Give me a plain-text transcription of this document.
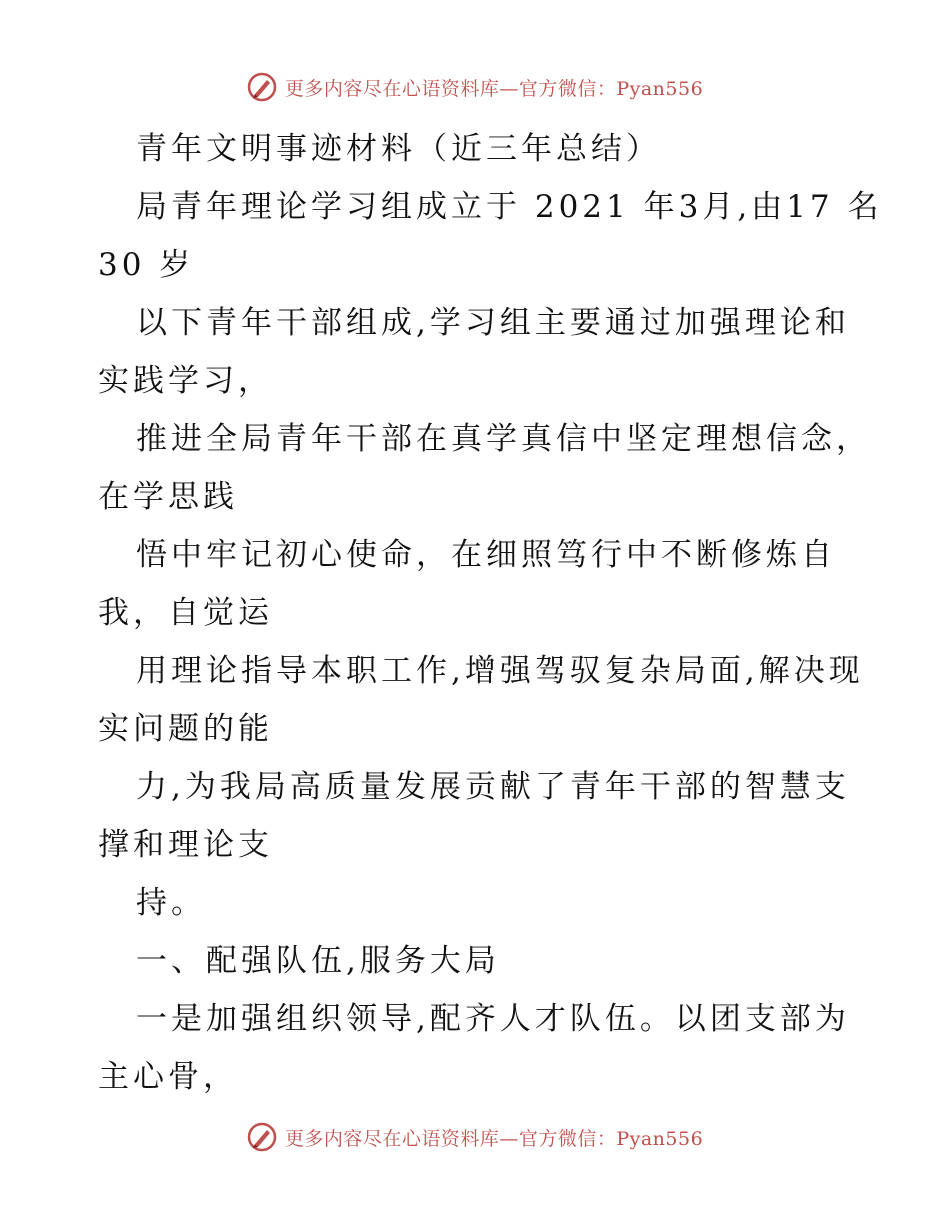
更多内容尽在心语资料库—官方微信：Pyan556

青年文明事迹材料（近三年总结）

局青年理论学习组成立于 2021 年3月,由17 名

30 岁

以下青年干部组成,学习组主要通过加强理论和

实践学习，

推进全局青年干部在真学真信中坚定理想信念，

在学思践

悟中牢记初心使命，在细照笃行中不断修炼自

我，自觉运

用理论指导本职工作,增强驾驭复杂局面,解决现

实问题的能

力,为我局高质量发展贡献了青年干部的智慧支

撑和理论支

持。

一、配强队伍,服务大局

一是加强组织领导,配齐人才队伍。以团支部为

主心骨，

更多内容尽在心语资料库—官方微信：Pyan556
